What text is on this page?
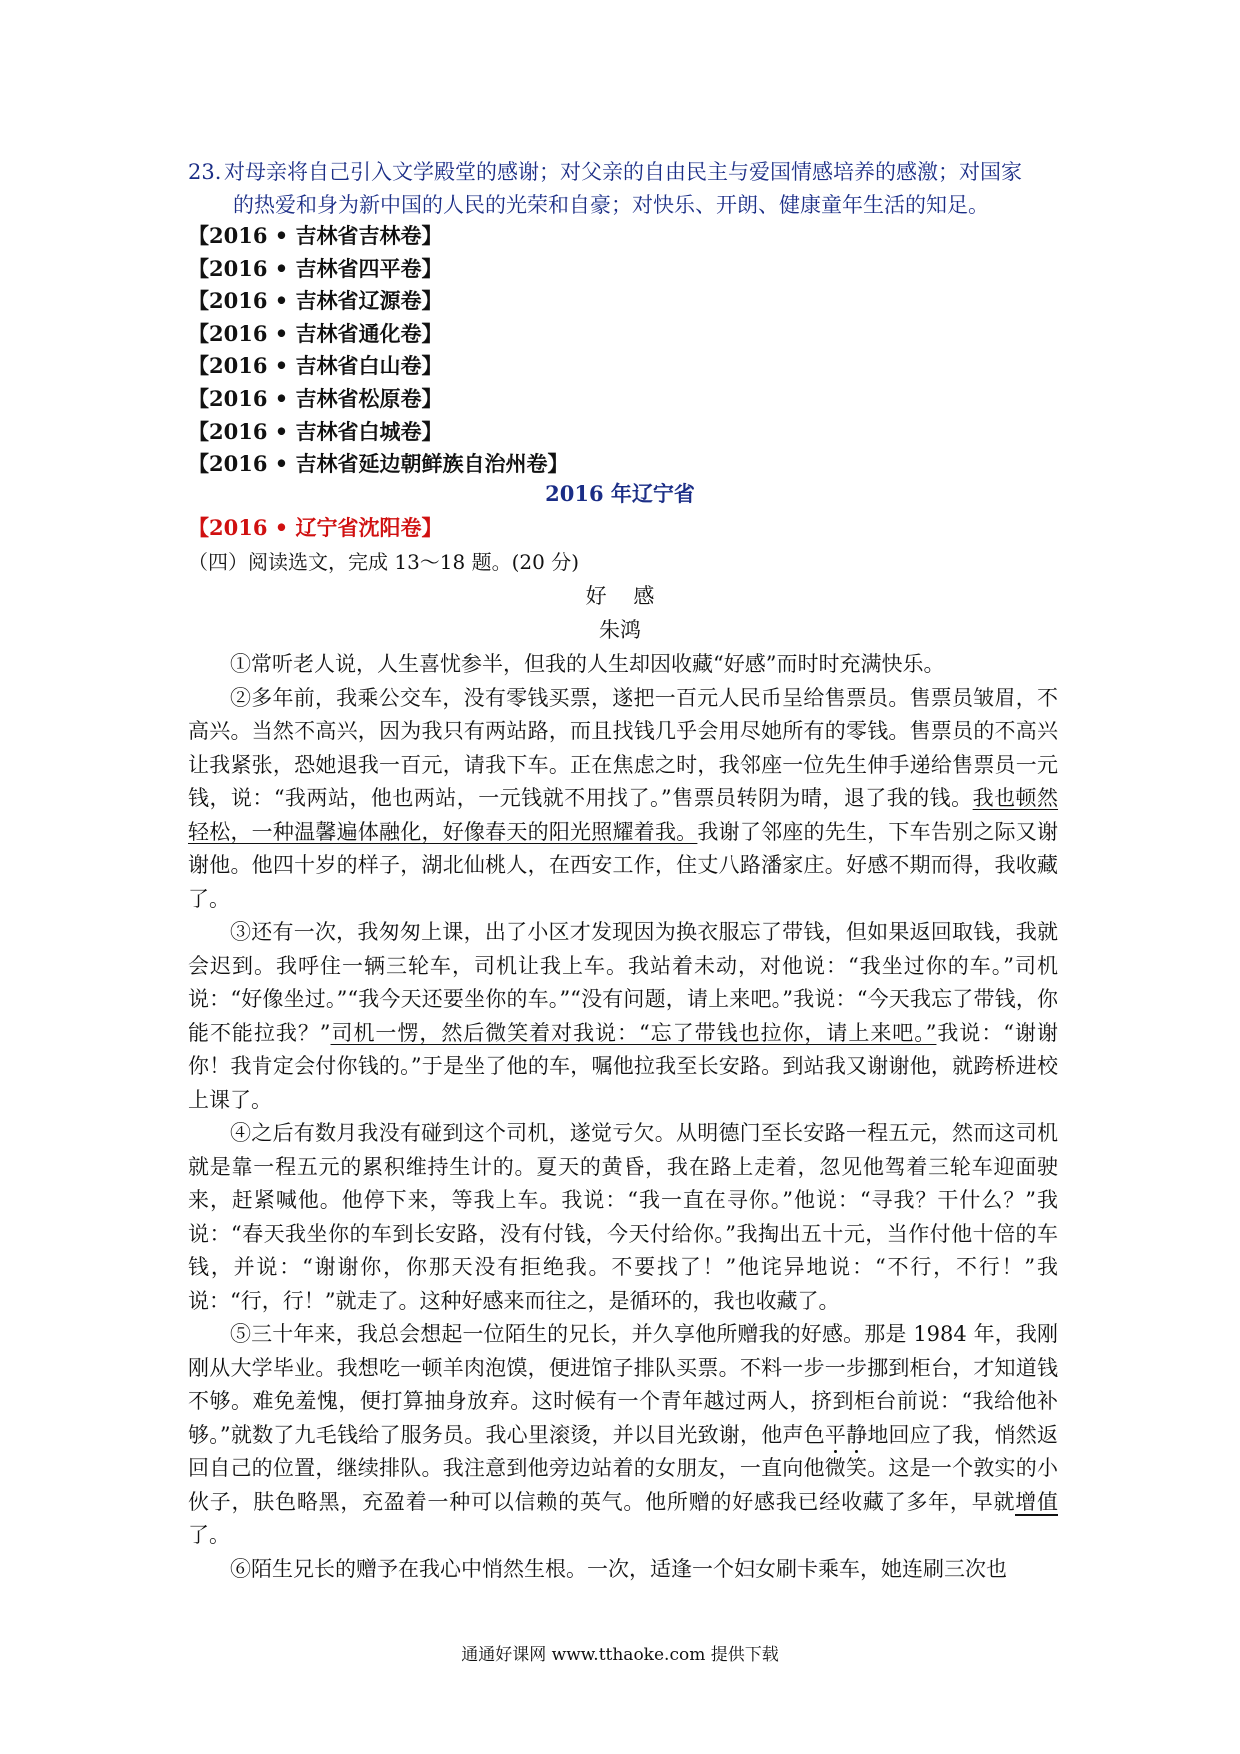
23. 对母亲将自己引入文学殿堂的感谢；对父亲的自由民主与爱国情感培养的感激；对国家
的热爱和身为新中国的人民的光荣和自豪；对快乐、开朗、健康童年生活的知足。
【2016 • 吉林省吉林卷】
【2016 • 吉林省四平卷】
【2016 • 吉林省辽源卷】
【2016 • 吉林省通化卷】
【2016 • 吉林省白山卷】
【2016 • 吉林省松原卷】
【2016 • 吉林省白城卷】
【2016 • 吉林省延边朝鲜族自治州卷】
2016 年辽宁省
【2016 • 辽宁省沈阳卷】
（四）阅读选文，完成 13～18 题。(20 分)
好 感
朱鸿

①常听老人说，人生喜忧参半，但我的人生却因收藏“好感”而时时充满快乐。

②多年前，我乘公交车，没有零钱买票，遂把一百元人民币呈给售票员。售票员皱眉，不高兴。当然不高兴，因为我只有两站路，而且找钱几乎会用尽她所有的零钱。售票员的不高兴让我紧张，恐她退我一百元，请我下车。正在焦虑之时，我邻座一位先生伸手递给售票员一元钱，说：“我两站，他也两站，一元钱就不用找了。”售票员转阴为晴，退了我的钱。我也顿然轻松，一种温馨遍体融化，好像春天的阳光照耀着我。我谢了邻座的先生，下车告别之际又谢谢他。他四十岁的样子，湖北仙桃人，在西安工作，住丈八路潘家庄。好感不期而得，我收藏了。

③还有一次，我匆匆上课，出了小区才发现因为换衣服忘了带钱，但如果返回取钱，我就会迟到。我呼住一辆三轮车，司机让我上车。我站着未动，对他说：“我坐过你的车。”司机说：“好像坐过。”“我今天还要坐你的车。”“没有问题，请上来吧。”我说：“今天我忘了带钱，你能不能拉我？”司机一愣，然后微笑着对我说：“忘了带钱也拉你，请上来吧。”我说：“谢谢你！我肯定会付你钱的。”于是坐了他的车，嘱他拉我至长安路。到站我又谢谢他，就跨桥进校上课了。

④之后有数月我没有碰到这个司机，遂觉亏欠。从明德门至长安路一程五元，然而这司机就是靠一程五元的累积维持生计的。夏天的黄昏，我在路上走着，忽见他驾着三轮车迎面驶来，赶紧喊他。他停下来，等我上车。我说：“我一直在寻你。”他说：“寻我？干什么？”我说：“春天我坐你的车到长安路，没有付钱，今天付给你。”我掏出五十元，当作付他十倍的车钱，并说：“谢谢你，你那天没有拒绝我。不要找了！”他诧异地说：“不行，不行！”我说：“行，行！”就走了。这种好感来而往之，是循环的，我也收藏了。

⑤三十年来，我总会想起一位陌生的兄长，并久享他所赠我的好感。那是 1984 年，我刚刚从大学毕业。我想吃一顿羊肉泡馍，便进馆子排队买票。不料一步一步挪到柜台，才知道钱不够。难免羞愧，便打算抽身放弃。这时候有一个青年越过两人，挤到柜台前说：“我给他补够。”就数了九毛钱给了服务员。我心里滚烫，并以目光致谢，他声色平静地回应了我，悄然返回自己的位置，继续排队。我注意到他旁边站着的女朋友，一直向他微笑。这是一个敦实的小伙子，肤色略黑，充盈着一种可以信赖的英气。他所赠的好感我已经收藏了多年，早就增值了。

⑥陌生兄长的赠予在我心中悄然生根。一次，适逢一个妇女刷卡乘车，她连刷三次也

通通好课网 www.tthaoke.com 提供下载
